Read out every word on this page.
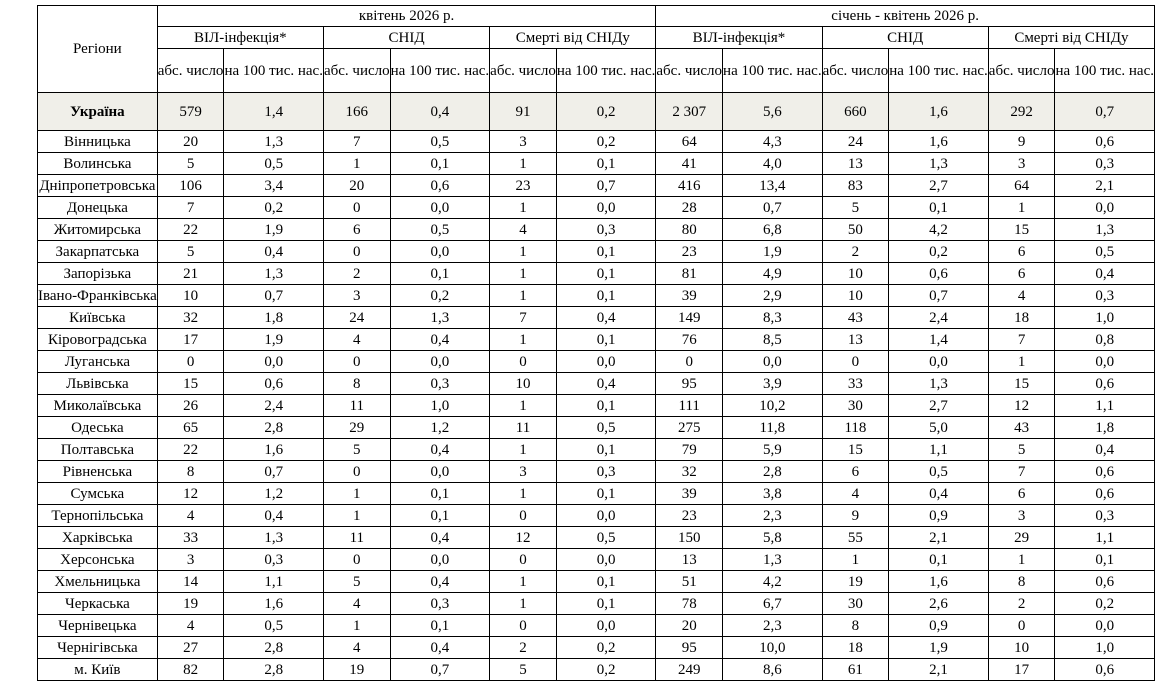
Регіони	квітень 2026 р.						січень - квітень 2026 р.					
	ВІЛ-інфекція*		СНІД		Смерті від СНІДу		ВІЛ-інфекція*		СНІД		Смерті від СНІДу	
	абс. число	на 100 тис. нас.	абс. число	на 100 тис. нас.	абс. число	на 100 тис. нас.	абс. число	на 100 тис. нас.	абс. число	на 100 тис. нас.	абс. число	на 100 тис. нас.
Україна	579	1,4	166	0,4	91	0,2	2 307	5,6	660	1,6	292	0,7
Вінницька	20	1,3	7	0,5	3	0,2	64	4,3	24	1,6	9	0,6
Волинська	5	0,5	1	0,1	1	0,1	41	4,0	13	1,3	3	0,3
Дніпропетровська	106	3,4	20	0,6	23	0,7	416	13,4	83	2,7	64	2,1
Донецька	7	0,2	0	0,0	1	0,0	28	0,7	5	0,1	1	0,0
Житомирська	22	1,9	6	0,5	4	0,3	80	6,8	50	4,2	15	1,3
Закарпатська	5	0,4	0	0,0	1	0,1	23	1,9	2	0,2	6	0,5
Запорізька	21	1,3	2	0,1	1	0,1	81	4,9	10	0,6	6	0,4
Івано-Франківська	10	0,7	3	0,2	1	0,1	39	2,9	10	0,7	4	0,3
Київська	32	1,8	24	1,3	7	0,4	149	8,3	43	2,4	18	1,0
Кіровоградська	17	1,9	4	0,4	1	0,1	76	8,5	13	1,4	7	0,8
Луганська	0	0,0	0	0,0	0	0,0	0	0,0	0	0,0	1	0,0
Львівська	15	0,6	8	0,3	10	0,4	95	3,9	33	1,3	15	0,6
Миколаївська	26	2,4	11	1,0	1	0,1	111	10,2	30	2,7	12	1,1
Одеська	65	2,8	29	1,2	11	0,5	275	11,8	118	5,0	43	1,8
Полтавська	22	1,6	5	0,4	1	0,1	79	5,9	15	1,1	5	0,4
Рівненська	8	0,7	0	0,0	3	0,3	32	2,8	6	0,5	7	0,6
Сумська	12	1,2	1	0,1	1	0,1	39	3,8	4	0,4	6	0,6
Тернопільська	4	0,4	1	0,1	0	0,0	23	2,3	9	0,9	3	0,3
Харківська	33	1,3	11	0,4	12	0,5	150	5,8	55	2,1	29	1,1
Херсонська	3	0,3	0	0,0	0	0,0	13	1,3	1	0,1	1	0,1
Хмельницька	14	1,1	5	0,4	1	0,1	51	4,2	19	1,6	8	0,6
Черкаська	19	1,6	4	0,3	1	0,1	78	6,7	30	2,6	2	0,2
Чернівецька	4	0,5	1	0,1	0	0,0	20	2,3	8	0,9	0	0,0
Чернігівська	27	2,8	4	0,4	2	0,2	95	10,0	18	1,9	10	1,0
м. Київ	82	2,8	19	0,7	5	0,2	249	8,6	61	2,1	17	0,6
